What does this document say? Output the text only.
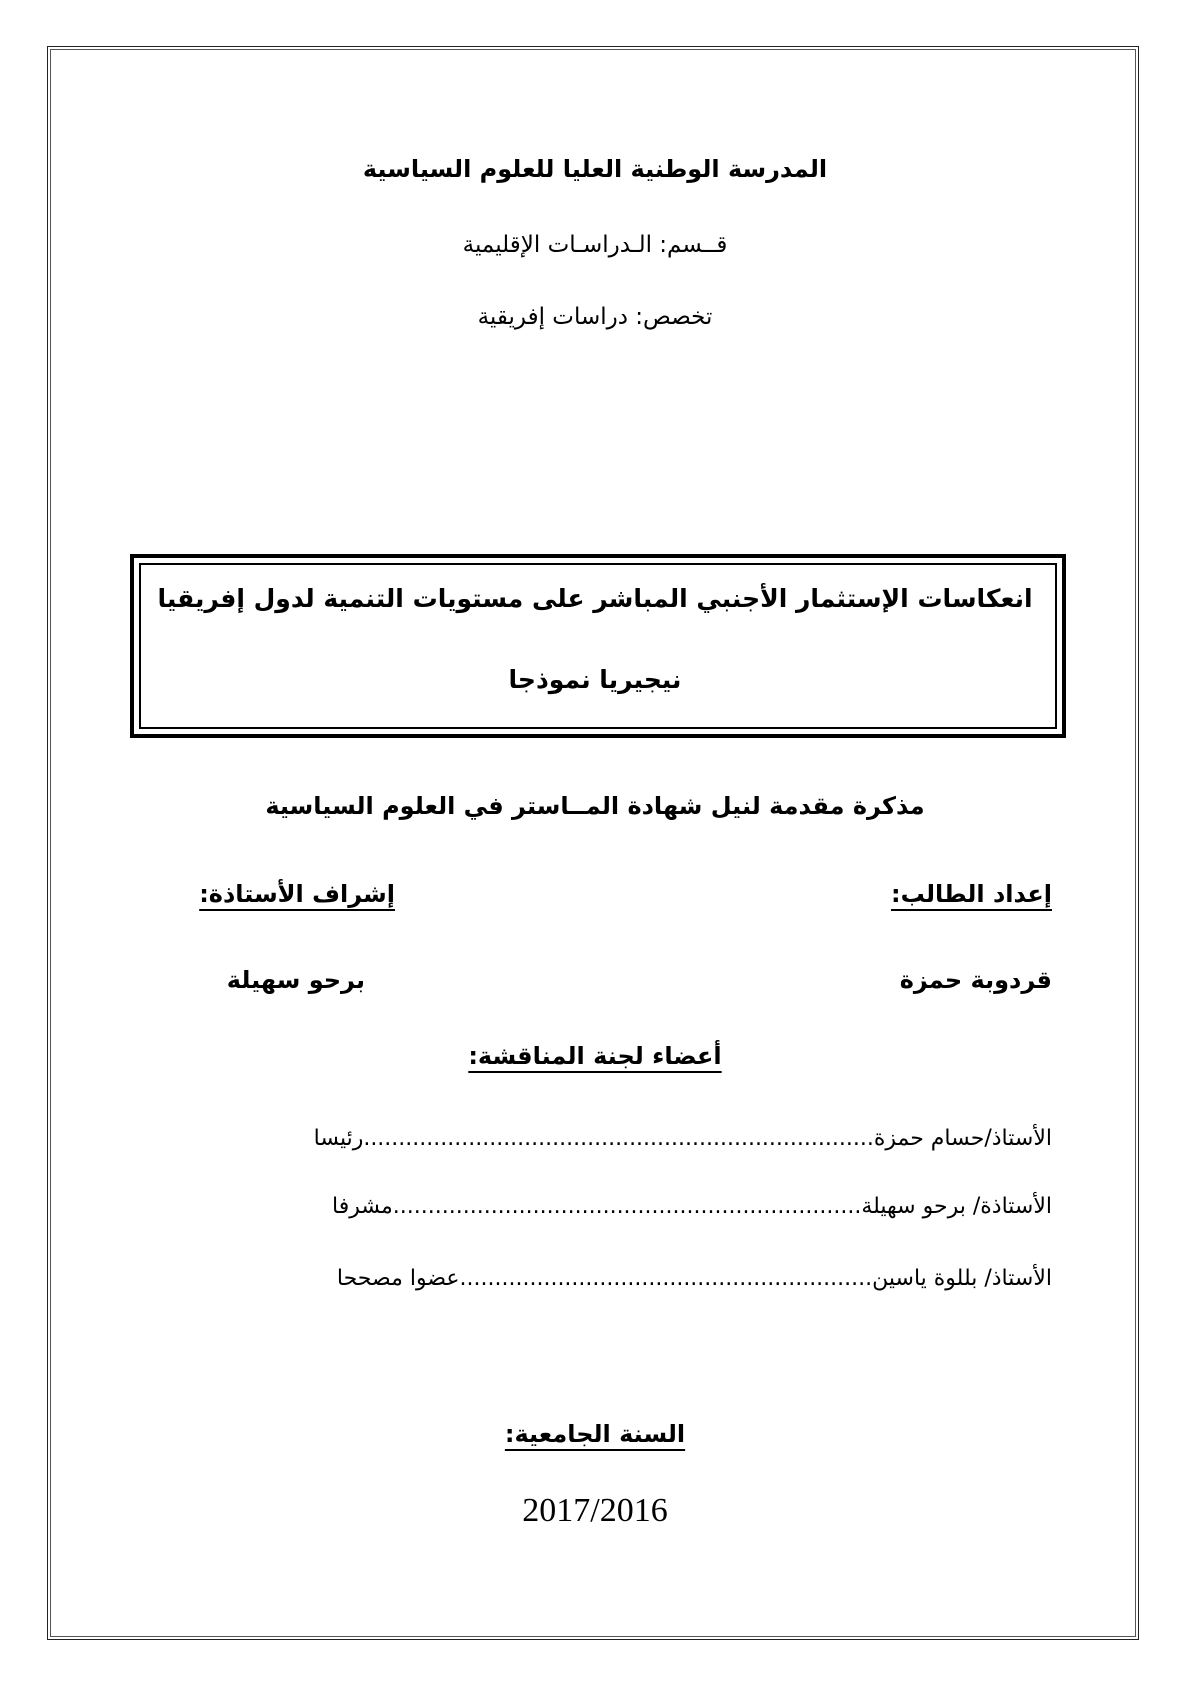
المدرسة الوطنية العليا للعلوم السياسية
قــسم: الـدراسـات الإقليمية
تخصص: دراسات إفريقية
انعكاسات الإستثمار الأجنبي المباشر على مستويات التنمية لدول إفريقيا
نيجيريا نموذجا
مذكرة مقدمة لنيل شهادة المــاستر في العلوم السياسية
إعداد الطالب:
إشراف الأستاذة:
قردوبة حمزة
برحو سهيلة
أعضاء لجنة المناقشة:
الأستاذ/حسام حمزة.........................................................................رئيسا
الأستاذة/ برحو سهيلة...................................................................مشرفا
الأستاذ/ بللوة ياسين...........................................................عضوا مصححا
السنة الجامعية:
2017/2016
